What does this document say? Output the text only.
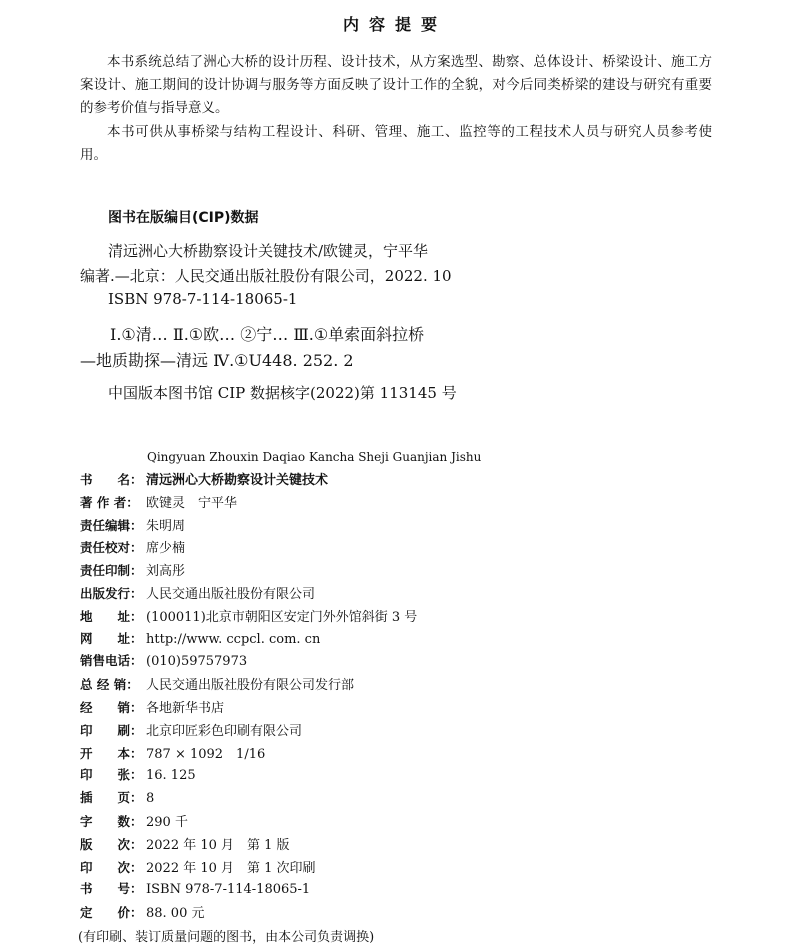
内容提要

本书系统总结了洲心大桥的设计历程、设计技术，从方案选型、勘察、总体设计、桥梁设计、施工方案设计、施工期间的设计协调与服务等方面反映了设计工作的全貌，对今后同类桥梁的建设与研究有重要的参考价值与指导意义。

本书可供从事桥梁与结构工程设计、科研、管理、施工、监控等的工程技术人员与研究人员参考使用。

图书在版编目(CIP)数据
清远洲心大桥勘察设计关键技术/欧键灵，宁平华
编著.—北京：人民交通出版社股份有限公司，2022. 10
ISBN 978-7-114-18065-1
Ⅰ.①清… Ⅱ.①欧… ②宁… Ⅲ.①单索面斜拉桥
—地质勘探—清远 Ⅳ.①U448. 252. 2
中国版本图书馆 CIP 数据核字(2022)第 113145 号
Qingyuan Zhouxin Daqiao Kancha Sheji Guanjian Jishu
书　　名： 清远洲心大桥勘察设计关键技术
著 作 者： 欧键灵　宁平华
责任编辑： 朱明周
责任校对： 席少楠
责任印制： 刘高彤
出版发行： 人民交通出版社股份有限公司
地　　址： (100011)北京市朝阳区安定门外外馆斜街 3 号
网　　址： http://www. ccpcl. com. cn
销售电话： (010)59757973
总 经 销： 人民交通出版社股份有限公司发行部
经　　销： 各地新华书店
印　　刷： 北京印匠彩色印刷有限公司
开　　本： 787 × 1092　1/16
印　　张： 16. 125
插　　页： 8
字　　数： 290 千
版　　次： 2022 年 10 月　第 1 版
印　　次： 2022 年 10 月　第 1 次印刷
书　　号： ISBN 978-7-114-18065-1
定　　价： 88. 00 元
(有印刷、装订质量问题的图书，由本公司负责调换)
